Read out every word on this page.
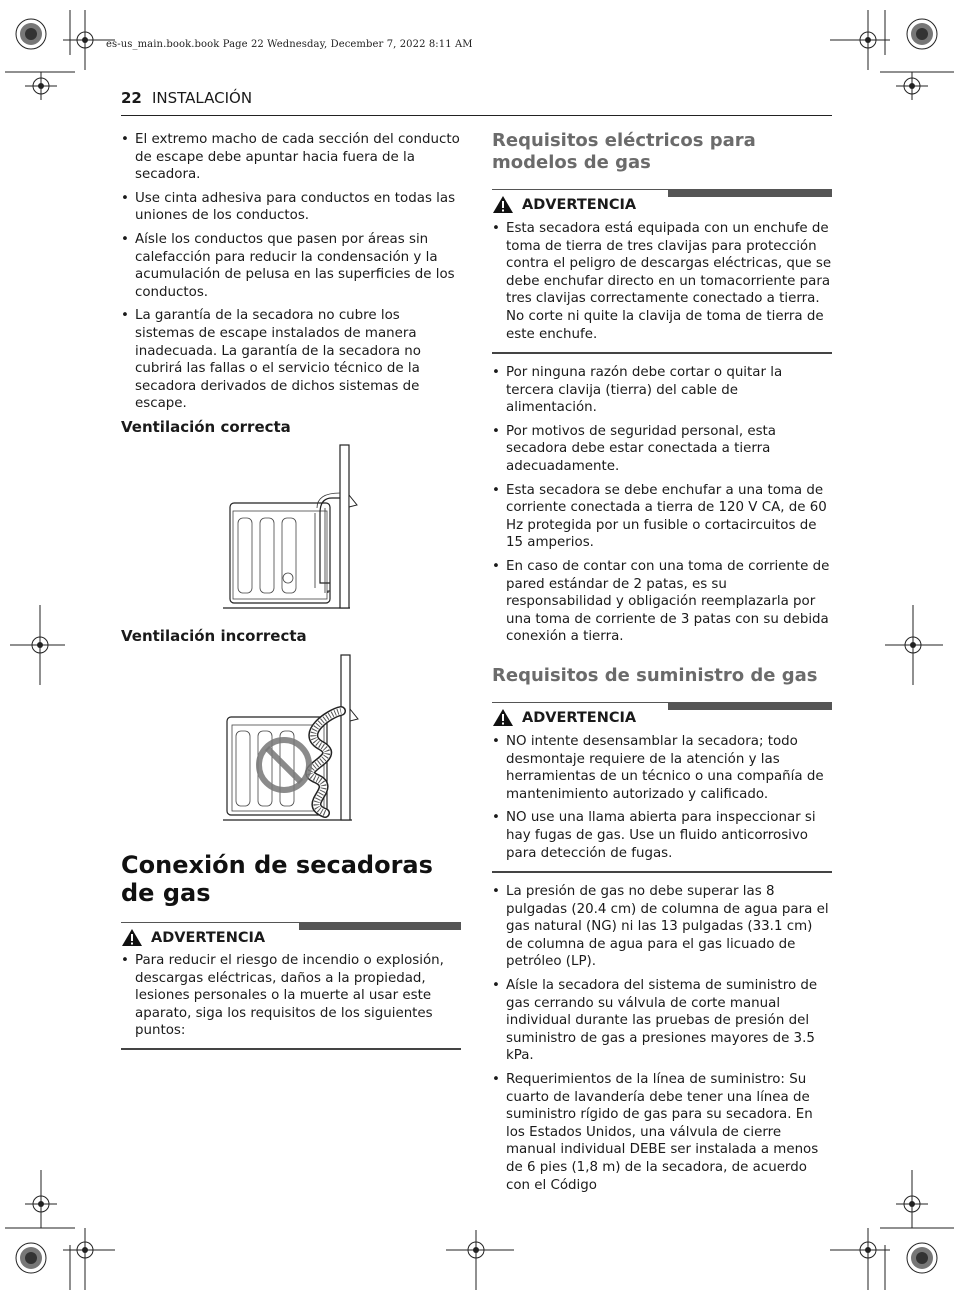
es-us_main.book.book Page 22 Wednesday, December 7, 2022 8:11 AM
22 INSTALACIÓN
• El extremo macho de cada sección del conducto de escape debe apuntar hacia fuera de la secadora.
• Use cinta adhesiva para conductos en todas las uniones de los conductos.
• Aísle los conductos que pasen por áreas sin calefacción para reducir la condensación y la acumulación de pelusa en las superficies de los conductos.
• La garantía de la secadora no cubre los sistemas de escape instalados de manera inadecuada. La garantía de la secadora no cubrirá las fallas o el servicio técnico de la secadora derivados de dichos sistemas de escape.
Ventilación correcta
Ventilación incorrecta
Conexión de secadoras de gas
ADVERTENCIA
• Para reducir el riesgo de incendio o explosión, descargas eléctricas, daños a la propiedad, lesiones personales o la muerte al usar este aparato, siga los requisitos de los siguientes puntos:
Requisitos eléctricos para modelos de gas
ADVERTENCIA
• Esta secadora está equipada con un enchufe de toma de tierra de tres clavijas para protección contra el peligro de descargas eléctricas, que se debe enchufar directo en un tomacorriente para tres clavijas correctamente conectado a tierra. No corte ni quite la clavija de toma de tierra de este enchufe.
• Por ninguna razón debe cortar o quitar la tercera clavija (tierra) del cable de alimentación.
• Por motivos de seguridad personal, esta secadora debe estar conectada a tierra adecuadamente.
• Esta secadora se debe enchufar a una toma de corriente conectada a tierra de 120 V CA, de 60 Hz protegida por un fusible o cortacircuitos de 15 amperios.
• En caso de contar con una toma de corriente de pared estándar de 2 patas, es su responsabilidad y obligación reemplazarla por una toma de corriente de 3 patas con su debida conexión a tierra.
Requisitos de suministro de gas
ADVERTENCIA
• NO intente desensamblar la secadora; todo desmontaje requiere de la atención y las herramientas de un técnico o una compañía de mantenimiento autorizado y calificado.
• NO use una llama abierta para inspeccionar si hay fugas de gas. Use un fluido anticorrosivo para detección de fugas.
• La presión de gas no debe superar las 8 pulgadas (20.4 cm) de columna de agua para el gas natural (NG) ni las 13 pulgadas (33.1 cm) de columna de agua para el gas licuado de petróleo (LP).
• Aísle la secadora del sistema de suministro de gas cerrando su válvula de corte manual individual durante las pruebas de presión del suministro de gas a presiones mayores de 3.5 kPa.
• Requerimientos de la línea de suministro: Su cuarto de lavandería debe tener una línea de suministro rígido de gas para su secadora. En los Estados Unidos, una válvula de cierre manual individual DEBE ser instalada a menos de 6 pies (1,8 m) de la secadora, de acuerdo con el Código
